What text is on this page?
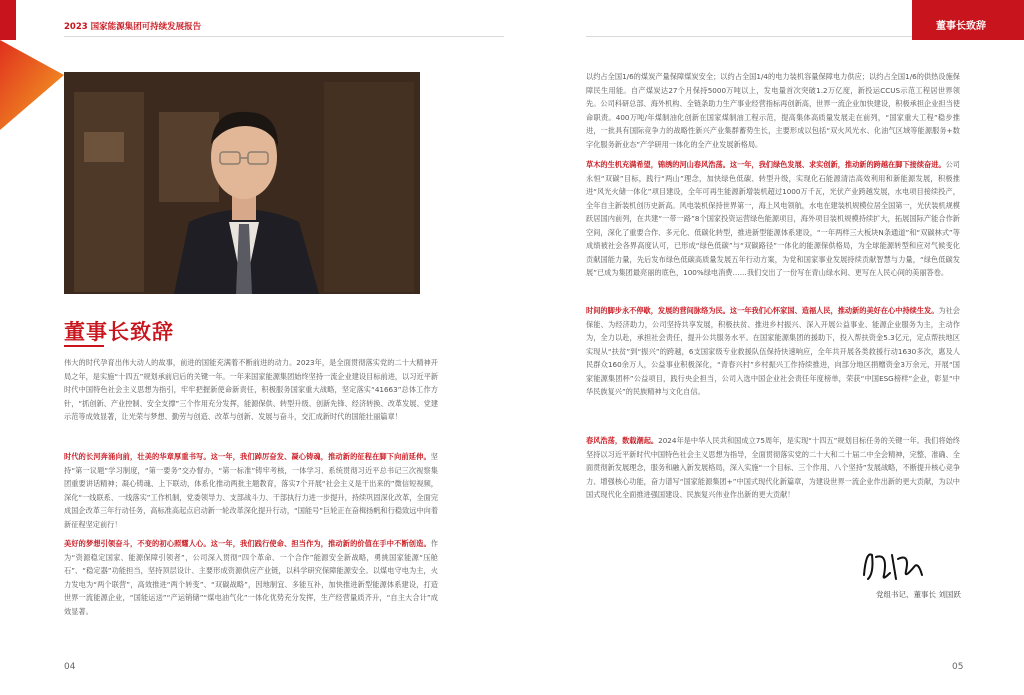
2023 国家能源集团可持续发展报告
董事长致辞

伟大的时代孕育出伟大动人的故事，前进的国能充满着不断前进的动力。2023年，是全面贯彻落实党的二十大精神开局之年，是实施“十四五”规划承前启后的关键一年。一年来国家能源集团始终坚持一流企业建设目标前进，以习近平新时代中国特色社会主义思想为指引，牢牢把握新使命新责任，积极服务国家重大战略，坚定落实“41663”总体工作方针，“抓创新、产业控制、安全支撑”三个作用充分发挥，能源保供、转型升级、创新先锋、经济转换、改革发展、党建示范等成效显著，让光荣与梦想、勤劳与创造、改革与创新、发展与奋斗，交汇成新时代的国能壮丽篇章！

时代的长河奔涌向前，壮美的华章厚重书写。这一年，我们踔厉奋发、凝心铸魂，推动新的征程在脚下向前延伸。坚持“第一议题”学习制度，“第一要务”交办督办，“第一标准”铸牢考核，一体学习、系统贯彻习近平总书记三次视察集团重要讲话精神；凝心铸魂、上下联动，体系化推动两批主题教育，落实7个开展“社会主义是干出来的”微信短视频，深化“一线联系、一线落实”工作机制，党委领导力、支部战斗力、干部执行力进一步提升，持续巩固深化改革，全面完成国企改革三年行动任务，高标准高起点启动新一轮改革深化提升行动，“国能号”巨轮正在奋楫扬帆和行稳致远中向着新征程坚定前行！

美好的梦想引领奋斗，不变的初心照耀人心。这一年，我们践行使命、担当作为，推动新的价值在手中不断创造。作为“资源稳定国家、能源保障引领者”，公司深入贯彻“四个革命、一个合作”能源安全新战略，勇挑国家能源“压舱石”、“稳定器”功能担当，坚持顶层设计、主要形成资源供应产业链，以科学研究保障能源安全。以煤电守电为主，火力发电为“两个联营”，高效推进“两个转变”、“双碳战略”，因地制宜、多能互补，加快推进新型能源体系建设，打造世界一流能源企业，“国能运送”“产运销储”“煤电油气化”一体化优势充分发挥，生产经营量质齐升，“自主大合计”成效显著。

04
董事长致辞

以约占全国1/6的煤炭产量保障煤炭安全；以约占全国1/4的电力装机容量保障电力供应；以约占全国1/6的供热设施保障民生用能。自产煤炭达27个月保持5000万吨以上，发电量首次突破1.2万亿度，新投运CCUS示范工程居世界领先。公司科研总部、海外机构、全链条助力生产事业经营指标再创新高，世界一流企业加快建设，积极承担企业担当使命职责。400万吨/年煤制油化创新在国家煤制油工程示范，提高集体高质量发展走在前列，“国家重大工程”稳步推进，一批具有国际竞争力的战略性新兴产业集群蓄势生长，主要形成以包括“双火风光水、化油气区域等能源服务+数字化服务新业态”产学研用一体化的全产业发展新格局。

草木的生机充满希望，锦绣的河山春风浩荡。这一年，我们绿色发展、求实创新，推动新的跨越在脚下接续奋进。公司永恒“双碳”目标，践行“两山”理念，加快绿色低碳、转型升级，实现化石能源清洁高效利用和新能源发展，积极推进“风光火储一体化”项目建设，全年可再生能源新增装机超过1000万千瓦，光伏产业跨越发展，水电项目接续投产，全年自主新装机创历史新高。风电装机保持世界第一，海上风电领航，水电在建装机规模位居全国第一，光伏装机规模跃居国内前列，在共建“一带一路”8个国家投资运营绿色能源项目，海外项目装机规模持续扩大，拓展国际产能合作新空间，深化了重要合作、多元化、低碳化转型，推进新型能源体系建设，“一年两样三大板块N条通道”和“双碳林式”等成绩被社会各界高度认可，已形成“绿色低碳”与“双碳路径”一体化的能源保供格局，为全球能源转型和应对气候变化贡献国能力量，先后发布绿色低碳高质量发展五年行动方案，为党和国家事业发展持续贡献智慧与力量，“绿色低碳发展”已成为集团最亮丽的底色，100%绿电消费……我们交出了一份写在青山绿水间、更写在人民心间的美丽答卷。

时间的脚步永不停歇，发展的营间脉络为民。这一年我们心怀家国、造福人民，推动新的美好在心中持续生发。为社会保能、为经济助力，公司坚持共享发展，积极扶贫、推进乡村振兴、深入开展公益事业、能源企业服务为主，主动作为，全力以赴，承担社会责任，提升公共服务水平。在国家能源集团的援助下，投入帮扶资金5.3亿元，定点帮扶地区实现从“扶贫”到“振兴”的跨越，6支国家级专业救援队伍保持快速响应，全年共开展各类救援行动1630多次，惠及人民群众160余万人，公益事业积极深化，“青春兴村”乡村振兴工作持续推进，向部分地区捐赠资金3万余元，开展“国家能源集团杯”公益项目，践行央企担当，公司入选中国企业社会责任年度榜单，荣获“中国ESG榜样”企业，彰显“中华民族复兴”的民族精神与文化自信。

春风浩荡，数载潮起。2024年是中华人民共和国成立75周年，是实现“十四五”规划目标任务的关键一年。我们将始终坚持以习近平新时代中国特色社会主义思想为指导，全面贯彻落实党的二十大和二十届二中全会精神，完整、准确、全面贯彻新发展理念，服务和融入新发展格局，深入实施“一个目标、三个作用、八个坚持”发展战略，不断提升核心竞争力、增强核心功能，奋力谱写“国家能源集团+”中国式现代化新篇章，为建设世界一流企业作出新的更大贡献，为以中国式现代化全面推进强国建设、民族复兴伟业作出新的更大贡献！

党组书记、董事长 刘国跃
05
